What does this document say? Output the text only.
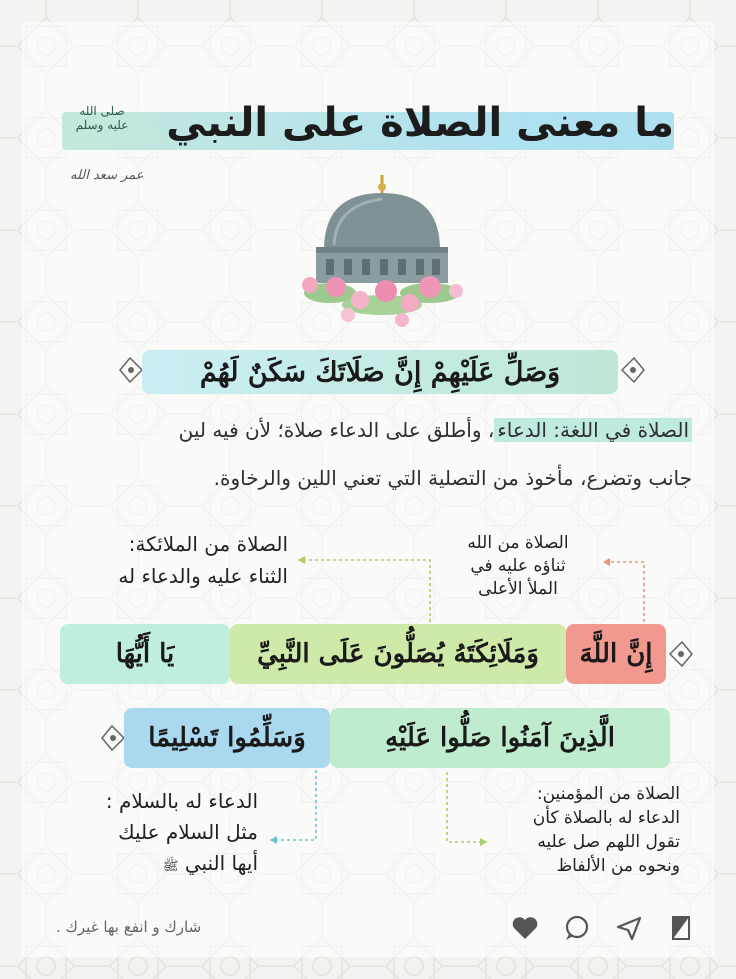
ما معنى الصلاة على النبي
صلى الله عليه وسلم
عمر سعد الله
وَصَلِّ عَلَيْهِمْ إِنَّ صَلَاتَكَ سَكَنٌ لَهُمْ
الصلاة في اللغة: الدعاء، وأطلق على الدعاء صلاة؛ لأن فيه لين
جانب وتضرع، مأخوذ من التصلية التي تعني اللين والرخاوة.
الصلاة من الملائكة:
الثناء عليه والدعاء له
الصلاة من الله
ثناؤه عليه في
الملأ الأعلى
إِنَّ اللَّهَ
وَمَلَائِكَتَهُ يُصَلُّونَ عَلَى النَّبِيِّ
يَا أَيُّهَا
الَّذِينَ آمَنُوا صَلُّوا عَلَيْهِ
وَسَلِّمُوا تَسْلِيمًا
الدعاء له بالسلام :
مثل السلام عليك
أيها النبي ﷺ
الصلاة من المؤمنين:
الدعاء له بالصلاة كأن
تقول اللهم صل عليه
ونحوه من الألفاظ
شارك و انفع بها غيرك .
